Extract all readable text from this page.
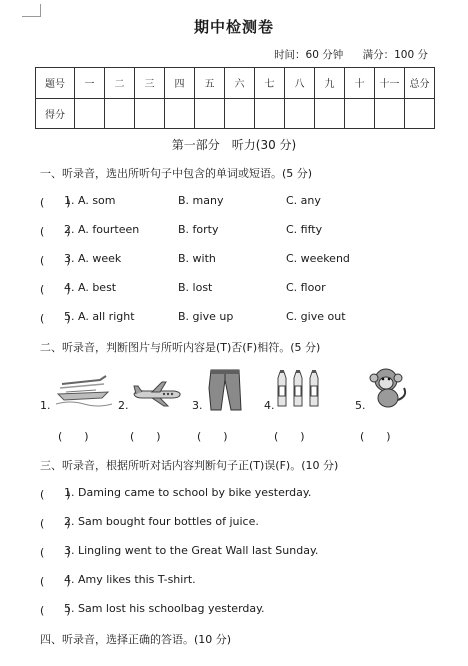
期中检测卷
时间：60 分钟 满分：100 分
题号	一	二	三	四	五	六	七	八	九	十	十一	总分
得分												
第一部分　听力(30 分)
一、听录音，选出所听句子中包含的单词或短语。(5 分)
(　　)
1. A. som	B. many	C. any
(　　)
2. A. fourteen	B. forty	C. fifty
(　　)
3. A. week	B. with	C. weekend
(　　)
4. A. best	B. lost	C. floor
(　　)
5. A. all right	B. give up	C. give out
二、听录音，判断图片与所听内容是(T)否(F)相符。(5 分)
1.	2.	3.	4.	5.
(　　)	(　　)	(　　)	(　　)	(　　)
三、听录音，根据所听对话内容判断句子正(T)误(F)。(10 分)
(　　)
1. Daming came to school by bike yesterday.
(　　)
2. Sam bought four bottles of juice.
(　　)
3. Lingling went to the Great Wall last Sunday.
(　　)
4. Amy likes this T-shirt.
(　　)
5. Sam lost his schoolbag yesterday.
四、听录音，选择正确的答语。(10 分)
